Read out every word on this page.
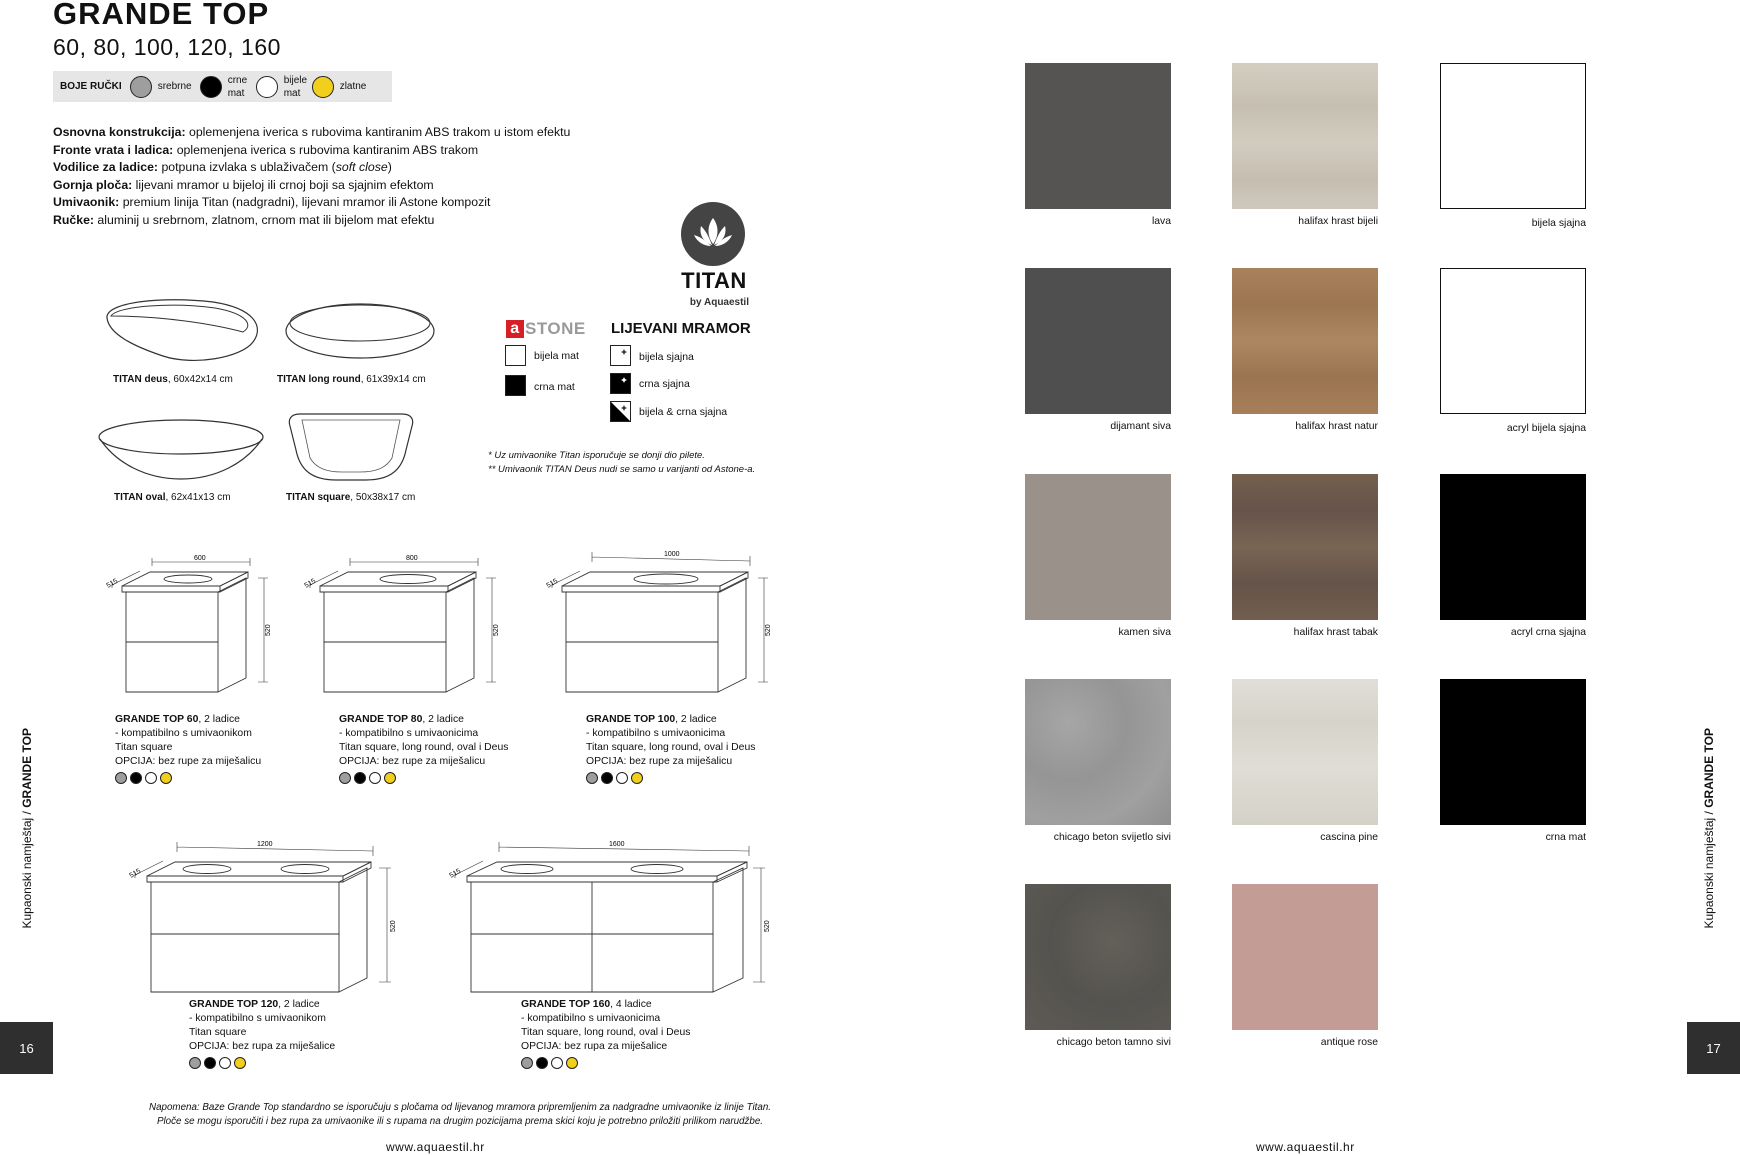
GRANDE TOP
60, 80, 100, 120, 160
BOJE RUČKI	srebrne
crne
mat
bijele
mat
zlatne
Osnovna konstrukcija: oplemenjena iverica s rubovima kantiranim ABS trakom u istom efektu
Fronte vrata i ladica: oplemenjena iverica s rubovima kantiranim ABS trakom
Vodilice za ladice: potpuna izvlaka s ublaživačem (soft close)
Gornja ploča: lijevani mramor u bijeloj ili crnoj boji sa sjajnim efektom
Umivaonik: premium linija Titan (nadgradni), lijevani mramor ili Astone kompozit
Ručke: aluminij u srebrnom, zlatnom, crnom mat ili bijelom mat efektu
TITAN
by Aquaestil
TITAN deus, 60x42x14 cm	TITAN long round, 61x39x14 cm
TITAN oval, 62x41x13 cm	TITAN square, 50x38x17 cm
a STONE
bijela mat
crna mat
LIJEVANI MRAMOR
bijela sjajna
crna sjajna
bijela & crna sjajna
* Uz umivaonike Titan isporučuje se donji dio pilete.
** Umivaonik TITAN Deus nudi se samo u varijanti od Astone-a.
600
515
520
GRANDE TOP 60, 2 ladice
- kompatibilno s umivaonikom
Titan square
OPCIJA: bez rupe za miješalicu
800
515
520
GRANDE TOP 80, 2 ladice
- kompatibilno s umivaonicima
Titan square, long round, oval i Deus
OPCIJA: bez rupe za miješalicu
1000
515
520
GRANDE TOP 100, 2 ladice
- kompatibilno s umivaonicima
Titan square, long round, oval i Deus
OPCIJA: bez rupe za miješalicu
1200
515
520
GRANDE TOP 120, 2 ladice
- kompatibilno s umivaonikom
Titan square
OPCIJA: bez rupa za miješalice
1600
515
520
GRANDE TOP 160, 4 ladice
- kompatibilno s umivaonicima
Titan square, long round, oval i Deus
OPCIJA: bez rupa za miješalice
Napomena: Baze Grande Top standardno se isporučuju s pločama od lijevanog mramora pripremljenim za nadgradne umivaonike iz linije Titan.
Ploče se mogu isporučiti i bez rupa za umivaonike ili s rupama na drugim pozicijama prema skici koju je potrebno priložiti prilikom narudžbe.
www.aquaestil.hr
Kupaonski namještaj / GRANDE TOP
16
lava	halifax hrast bijeli	bijela sjajna
dijamant siva	halifax hrast natur	acryl bijela sjajna
kamen siva	halifax hrast tabak	acryl crna sjajna
chicago beton svijetlo sivi	cascina pine	crna mat
chicago beton tamno sivi	antique rose
www.aquaestil.hr
Kupaonski namještaj / GRANDE TOP
17
